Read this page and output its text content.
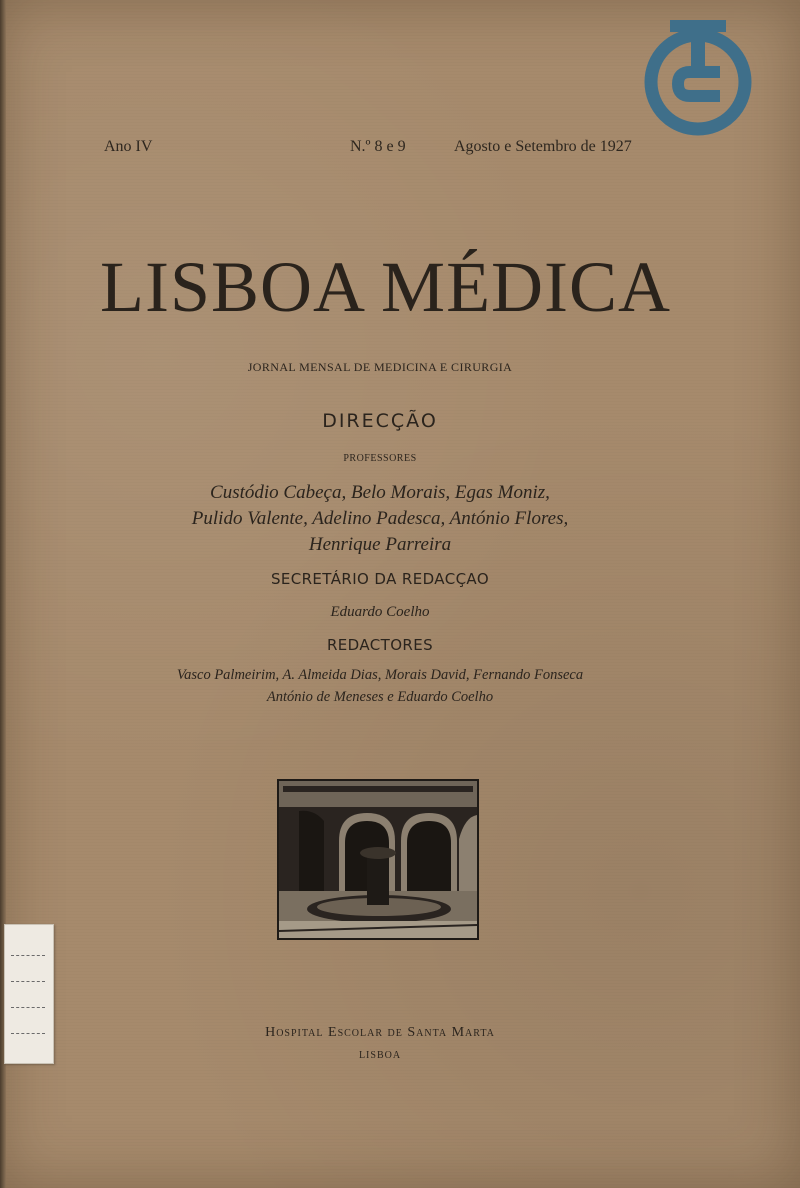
Ano IV	N.º 8 e 9	Agosto e Setembro de 1927
LISBOA MÉDICA
JORNAL MENSAL DE MEDICINA E CIRURGIA
DIRECÇÃO
PROFESSORES
Custódio Cabeça, Belo Morais, Egas Moniz,
Pulido Valente, Adelino Padesca, António Flores,
Henrique Parreira
SECRETÁRIO DA REDACÇAO
Eduardo Coelho
REDACTORES
Vasco Palmeirim, A. Almeida Dias, Morais David, Fernando Fonseca
António de Meneses e Eduardo Coelho
Hospital Escolar de Santa Marta
LISBOA
